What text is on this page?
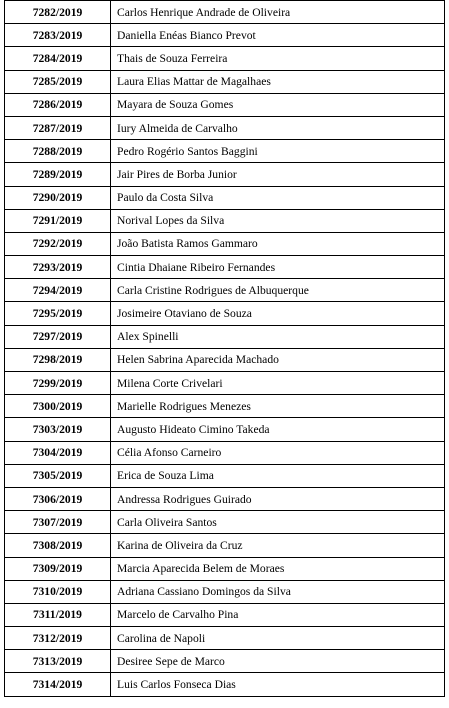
7282/2019	Carlos Henrique Andrade de Oliveira
7283/2019	Daniella Enéas Bianco Prevot
7284/2019	Thais de Souza Ferreira
7285/2019	Laura Elias Mattar de Magalhaes
7286/2019	Mayara de Souza Gomes
7287/2019	Iury Almeida de Carvalho
7288/2019	Pedro Rogério Santos Baggini
7289/2019	Jair Pires de Borba Junior
7290/2019	Paulo da Costa Silva
7291/2019	Norival Lopes da Silva
7292/2019	João Batista Ramos Gammaro
7293/2019	Cintia Dhaiane Ribeiro Fernandes
7294/2019	Carla Cristine Rodrigues de Albuquerque
7295/2019	Josimeire Otaviano de Souza
7297/2019	Alex Spinelli
7298/2019	Helen Sabrina Aparecida Machado
7299/2019	Milena Corte Crivelari
7300/2019	Marielle Rodrigues Menezes
7303/2019	Augusto Hideato Cimino Takeda
7304/2019	Célia Afonso Carneiro
7305/2019	Erica de Souza Lima
7306/2019	Andressa Rodrigues Guirado
7307/2019	Carla Oliveira Santos
7308/2019	Karina de Oliveira da Cruz
7309/2019	Marcia Aparecida Belem de Moraes
7310/2019	Adriana Cassiano Domingos da Silva
7311/2019	Marcelo de Carvalho Pina
7312/2019	Carolina de Napoli
7313/2019	Desiree Sepe de Marco
7314/2019	Luis Carlos Fonseca Dias
